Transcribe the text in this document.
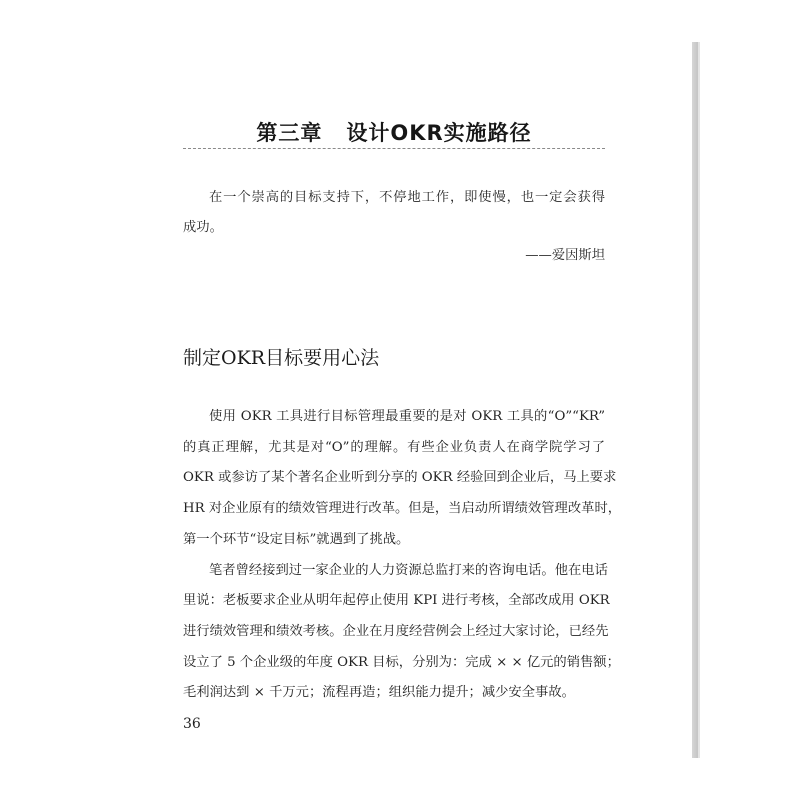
第三章 设计OKR实施路径
在一个崇高的目标支持下，不停地工作，即使慢，也一定会获得
成功。
——爱因斯坦
制定OKR目标要用心法
使用 OKR 工具进行目标管理最重要的是对 OKR 工具的“O”“KR”
的真正理解，尤其是对“O”的理解。有些企业负责人在商学院学习了
OKR 或参访了某个著名企业听到分享的 OKR 经验回到企业后，马上要求
HR 对企业原有的绩效管理进行改革。但是，当启动所谓绩效管理改革时，
第一个环节“设定目标”就遇到了挑战。
笔者曾经接到过一家企业的人力资源总监打来的咨询电话。他在电话
里说：老板要求企业从明年起停止使用 KPI 进行考核，全部改成用 OKR
进行绩效管理和绩效考核。企业在月度经营例会上经过大家讨论，已经先
设立了 5 个企业级的年度 OKR 目标，分别为：完成 × × 亿元的销售额；
毛利润达到 × 千万元；流程再造；组织能力提升；减少安全事故。
36
